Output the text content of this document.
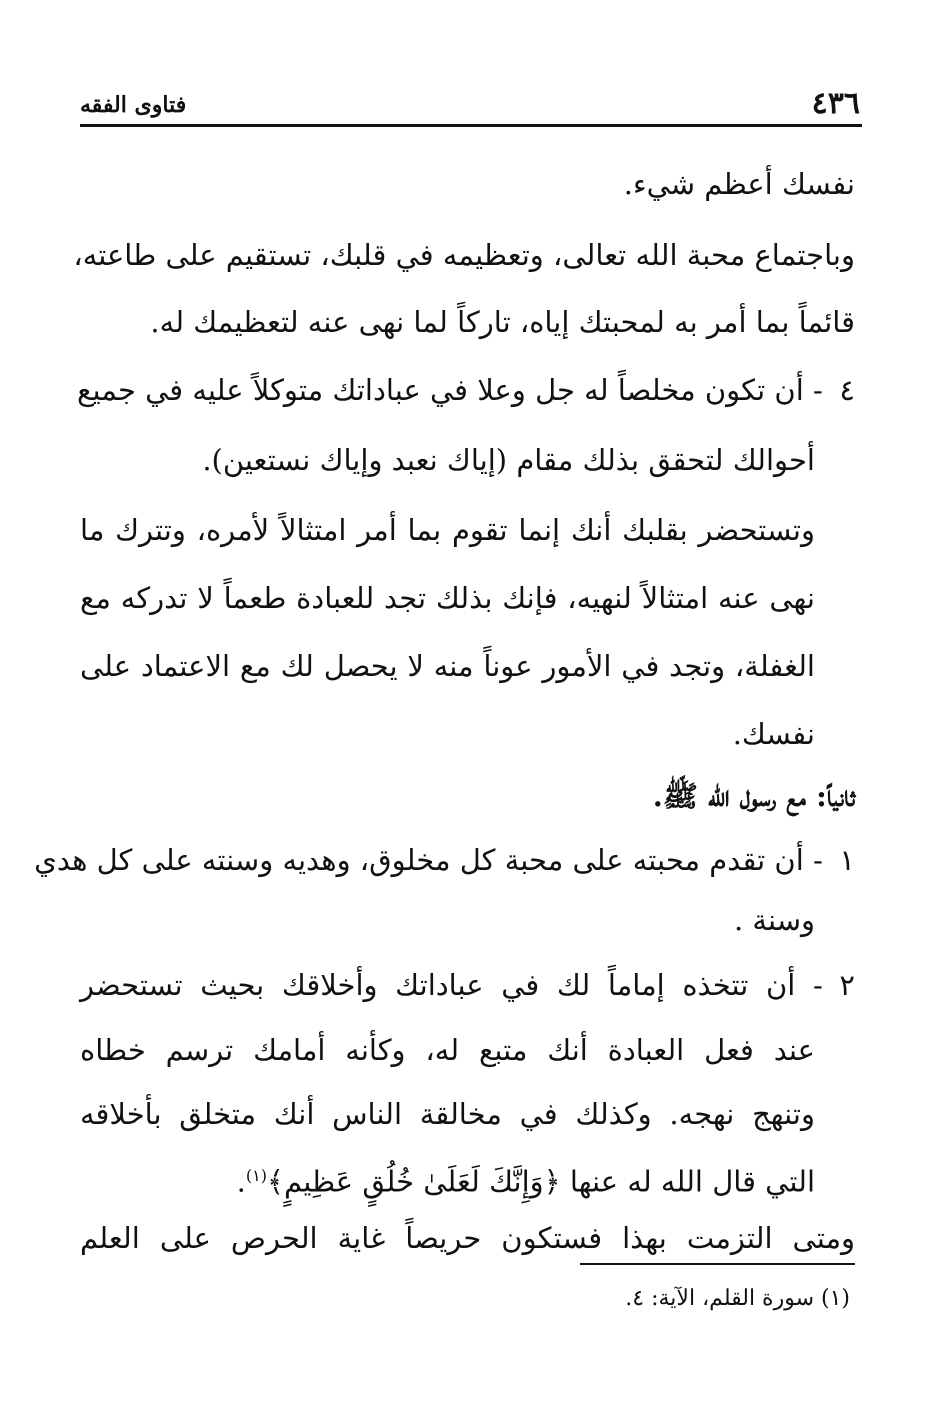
٤٣٦
فتاوى الفقه
نفسك أعظم شيء.
وباجتماع محبة الله تعالى، وتعظيمه في قلبك، تستقيم على طاعته،
قائماً بما أمر به لمحبتك إياه، تاركاً لما نهى عنه لتعظيمك له.
٤ - أن تكون مخلصاً له جل وعلا في عباداتك متوكلاً عليه في جميع
أحوالك لتحقق بذلك مقام (إياك نعبد وإياك نستعين).
وتستحضر بقلبك أنك إنما تقوم بما أمر امتثالاً لأمره، وتترك ما
نهى عنه امتثالاً لنهيه، فإنك بذلك تجد للعبادة طعماً لا تدركه مع
الغفلة، وتجد في الأمور عوناً منه لا يحصل لك مع الاعتماد على
نفسك.
ثانياً: مع رسول الله ﷺ.
١ - أن تقدم محبته على محبة كل مخلوق، وهديه وسنته على كل هدي
وسنة .
٢ - أن تتخذه إماماً لك في عباداتك وأخلاقك بحيث تستحضر
عند فعل العبادة أنك متبع له، وكأنه أمامك ترسم خطاه
وتنهج نهجه. وكذلك في مخالقة الناس أنك متخلق بأخلاقه
التي قال الله له عنها ﴿وَإِنَّكَ لَعَلَىٰ خُلُقٍ عَظِيمٍ﴾$^{(١)}$.
ومتى التزمت بهذا فستكون حريصاً غاية الحرص على العلم
(١) سورة القلم، الآية: ٤.
